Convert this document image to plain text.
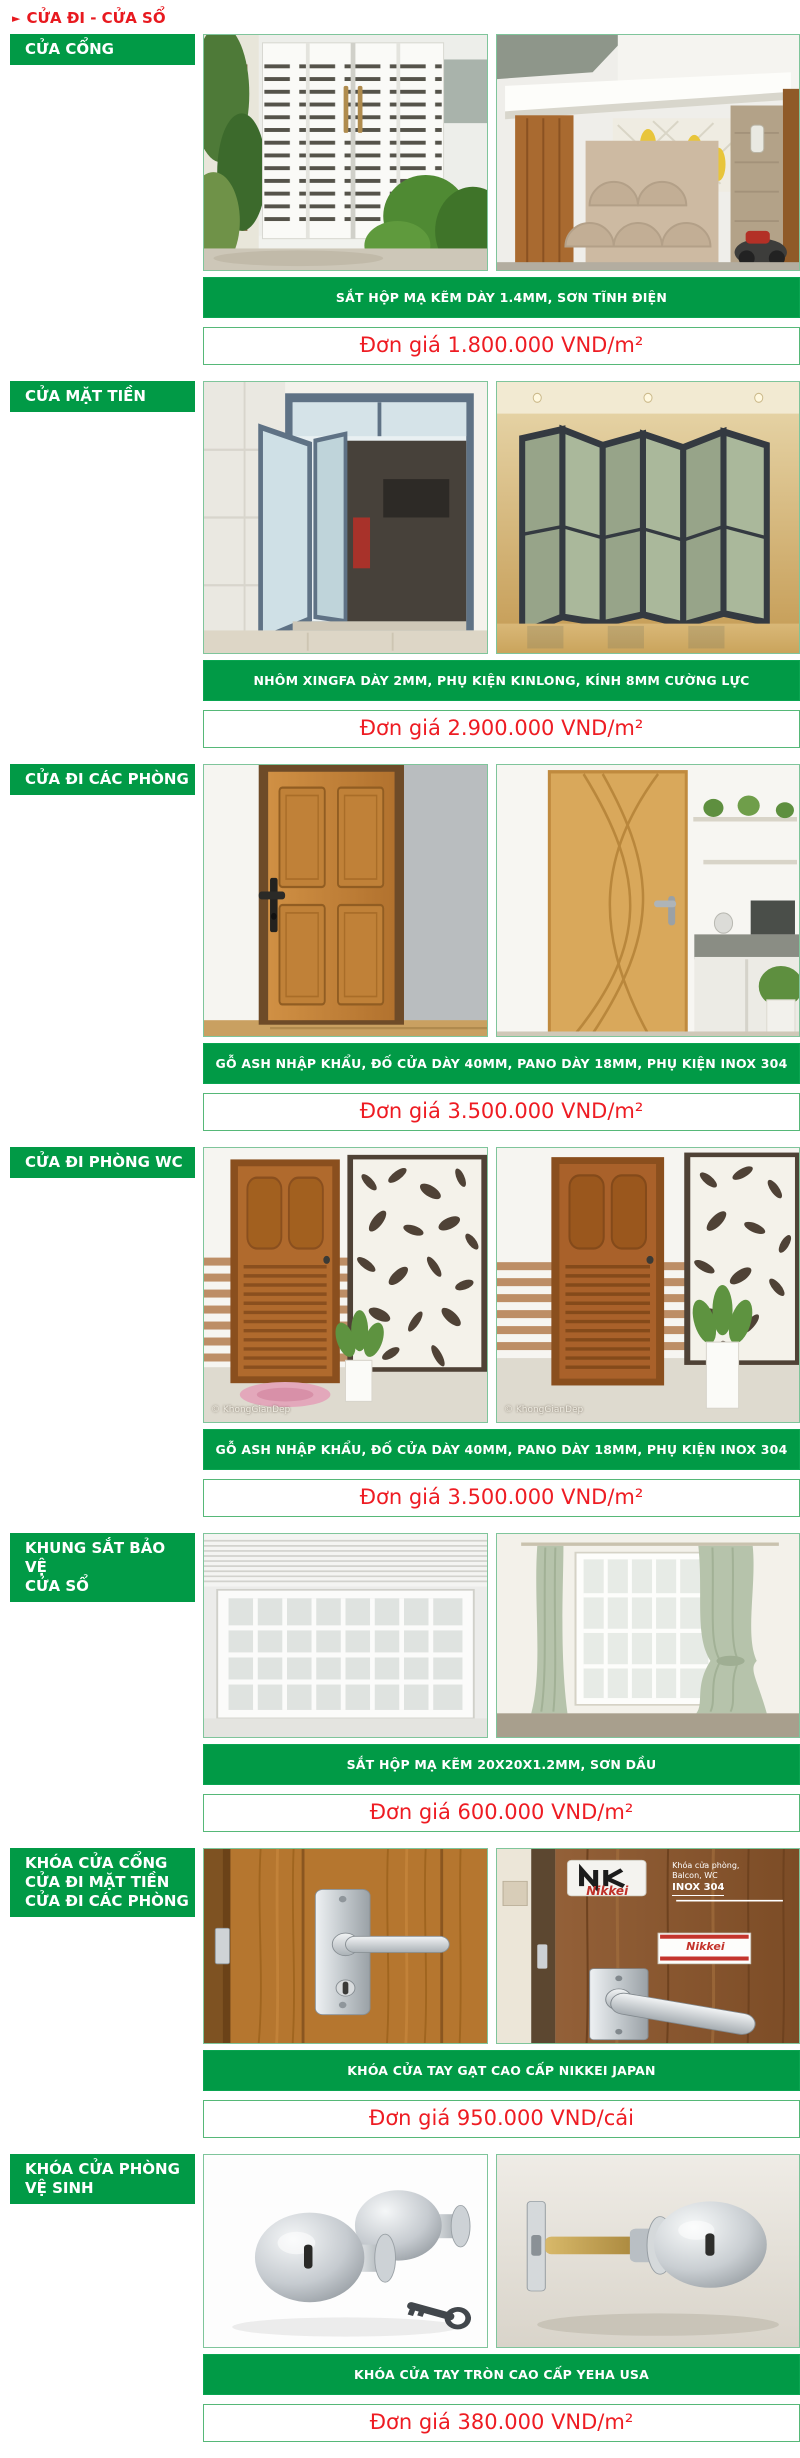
► CỬA ĐI - CỬA SỔ
CỬA CỔNG
SẮT HỘP MẠ KẼM DÀY 1.4MM, SƠN TĨNH ĐIỆN
Đơn giá 1.800.000 VND/m²
CỬA MẶT TIỀN
NHÔM XINGFA DÀY 2MM, PHỤ KIỆN KINLONG, KÍNH 8MM CƯỜNG LỰC
Đơn giá 2.900.000 VND/m²
CỬA ĐI CÁC PHÒNG
GỖ ASH NHẬP KHẨU, ĐỐ CỬA DÀY 40MM, PANO DÀY 18MM, PHỤ KIỆN INOX 304
Đơn giá 3.500.000 VND/m²
CỬA ĐI PHÒNG WC
© KhongGianDep	© KhongGianDep
GỖ ASH NHẬP KHẨU, ĐỐ CỬA DÀY 40MM, PANO DÀY 18MM, PHỤ KIỆN INOX 304
Đơn giá 3.500.000 VND/m²
KHUNG SẮT BẢO VỆ
CỬA SỔ
SẮT HỘP MẠ KẼM 20X20X1.2MM, SƠN DẦU
Đơn giá 600.000 VND/m²
KHÓA CỬA CỔNG
CỬA ĐI MẶT TIỀN
CỬA ĐI CÁC PHÒNG
Nikkei
Khóa cửa phòng,
Balcon, WC
INOX 304
Nikkei
KHÓA CỬA TAY GẠT CAO CẤP NIKKEI JAPAN
Đơn giá 950.000 VND/cái
KHÓA CỬA PHÒNG
VỆ SINH
KHÓA CỬA TAY TRÒN CAO CẤP YEHA USA
Đơn giá 380.000 VND/m²
